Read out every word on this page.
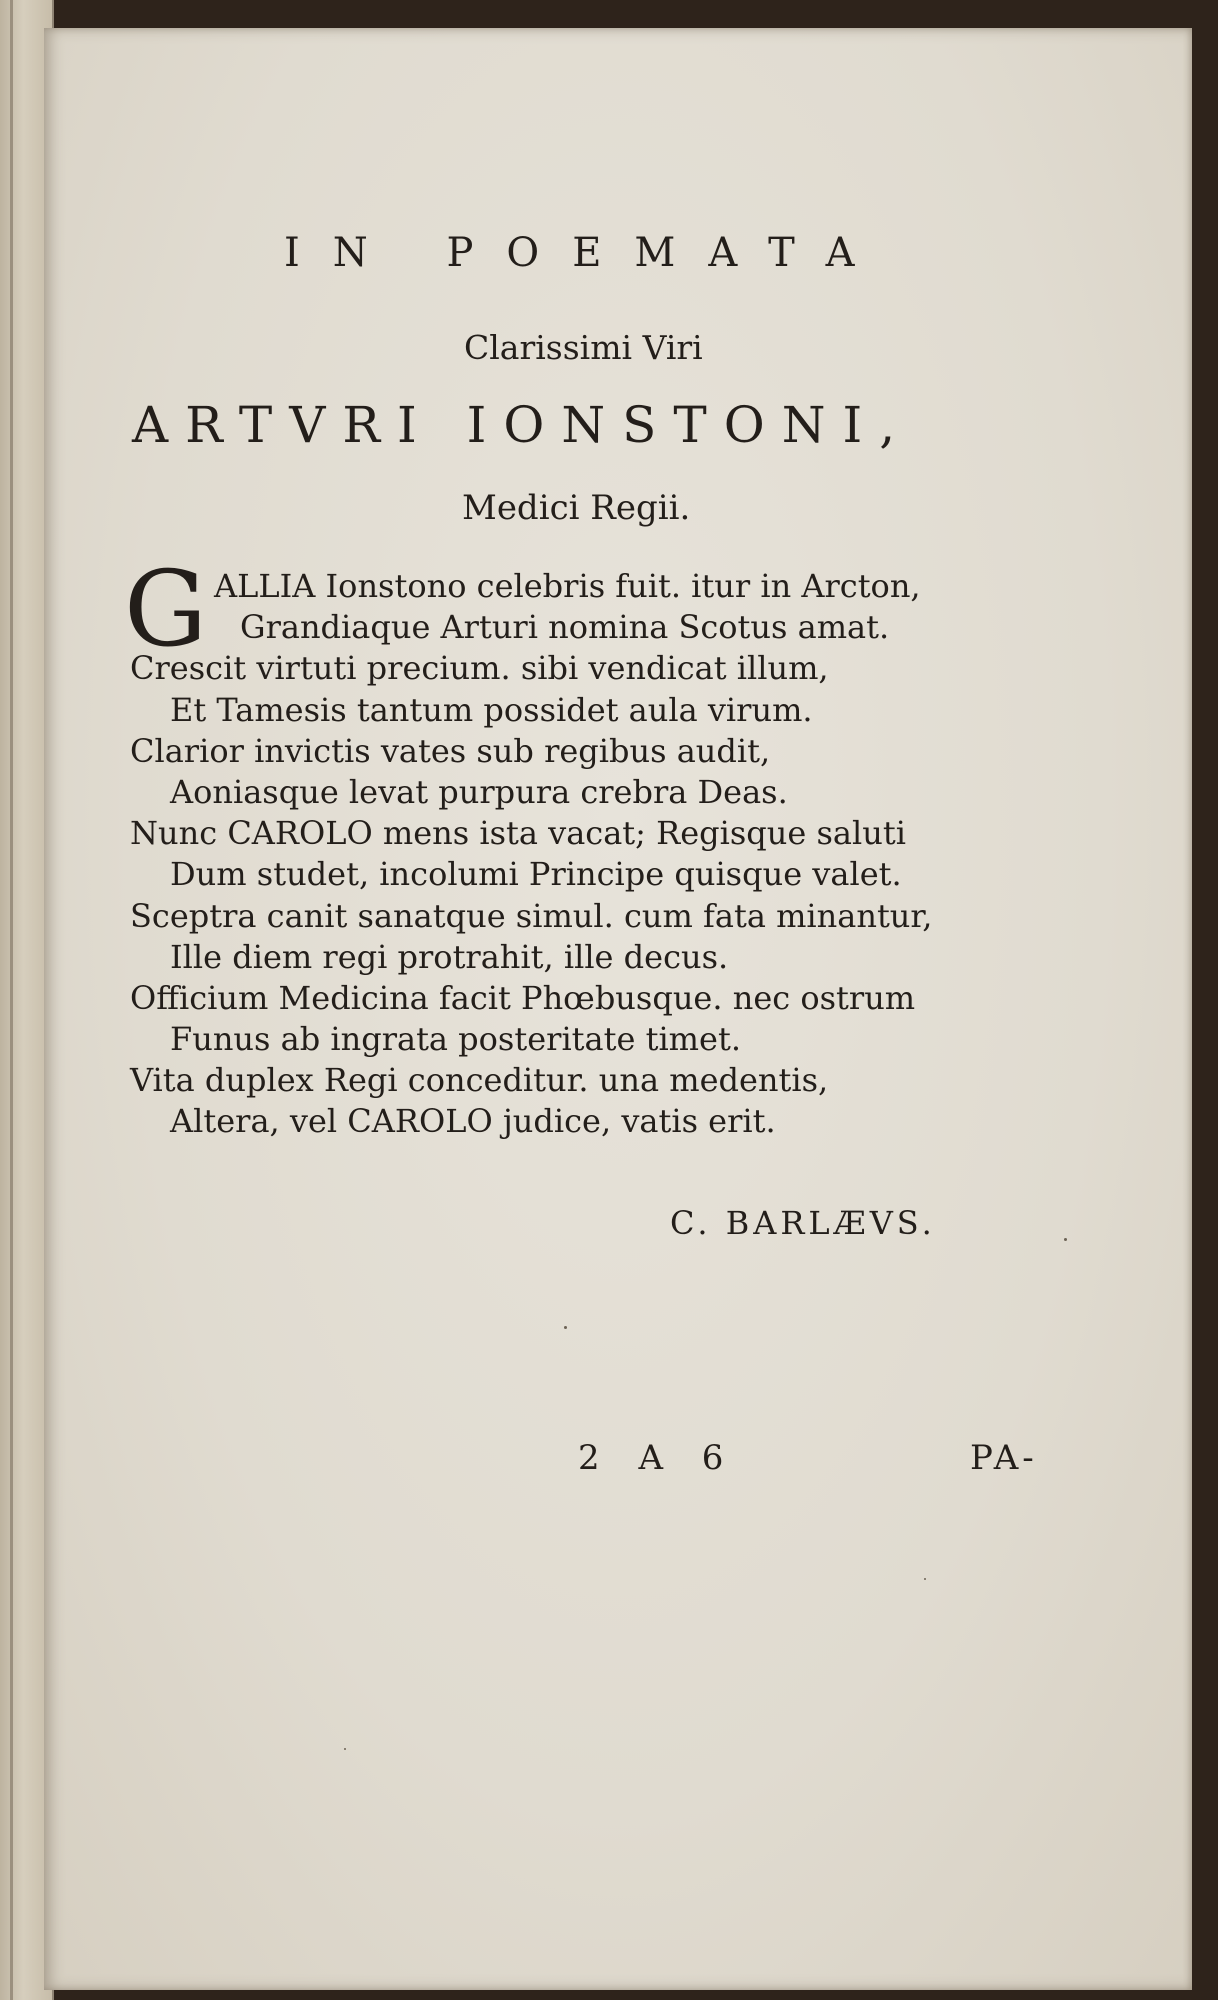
IN POEMATA
Clarissimi Viri
ARTVRI IONSTONI,
Medici Regii.
G ALLIA Ionstono celebris fuit. itur in Arcton,
Grandiaque Arturi nomina Scotus amat.
Crescit virtuti precium. sibi vendicat illum,
Et Tamesis tantum possidet aula virum.
Clarior invictis vates sub regibus audit,
Aoniasque levat purpura crebra Deas.
Nunc CAROLO mens ista vacat; Regisque saluti
Dum studet, incolumi Principe quisque valet.
Sceptra canit sanatque simul. cum fata minantur,
Ille diem regi protrahit, ille decus.
Officium Medicina facit Phœbusque. nec ostrum
Funus ab ingrata posteritate timet.
Vita duplex Regi conceditur. una medentis,
Altera, vel CAROLO judice, vatis erit.
C. BARLÆVS.
2 A 6	PA-
